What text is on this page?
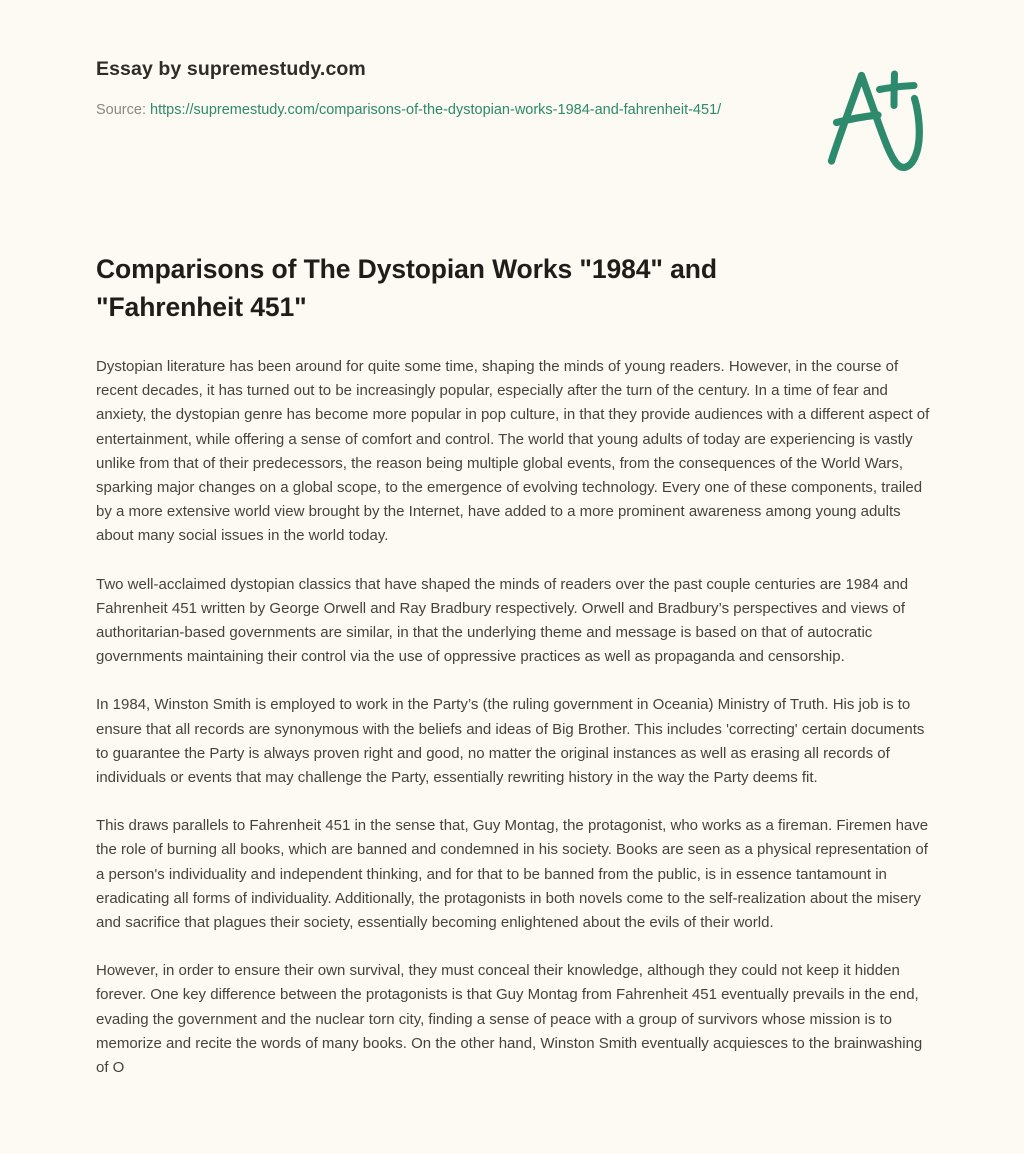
Essay by supremestudy.com

Source: https://supremestudy.com/comparisons-of-the-dystopian-works-1984-and-fahrenheit-451/

Comparisons of The Dystopian Works "1984" and "Fahrenheit 451"

Dystopian literature has been around for quite some time, shaping the minds of young readers. However, in the course of recent decades, it has turned out to be increasingly popular, especially after the turn of the century. In a time of fear and anxiety, the dystopian genre has become more popular in pop culture, in that they provide audiences with a different aspect of entertainment, while offering a sense of comfort and control. The world that young adults of today are experiencing is vastly unlike from that of their predecessors, the reason being multiple global events, from the consequences of the World Wars, sparking major changes on a global scope, to the emergence of evolving technology. Every one of these components, trailed by a more extensive world view brought by the Internet, have added to a more prominent awareness among young adults about many social issues in the world today.

Two well-acclaimed dystopian classics that have shaped the minds of readers over the past couple centuries are 1984 and Fahrenheit 451 written by George Orwell and Ray Bradbury respectively. Orwell and Bradbury’s perspectives and views of authoritarian-based governments are similar, in that the underlying theme and message is based on that of autocratic governments maintaining their control via the use of oppressive practices as well as propaganda and censorship.

In 1984, Winston Smith is employed to work in the Party’s (the ruling government in Oceania) Ministry of Truth. His job is to ensure that all records are synonymous with the beliefs and ideas of Big Brother. This includes 'correcting' certain documents to guarantee the Party is always proven right and good, no matter the original instances as well as erasing all records of individuals or events that may challenge the Party, essentially rewriting history in the way the Party deems fit.

This draws parallels to Fahrenheit 451 in the sense that, Guy Montag, the protagonist, who works as a fireman. Firemen have the role of burning all books, which are banned and condemned in his society. Books are seen as a physical representation of a person's individuality and independent thinking, and for that to be banned from the public, is in essence tantamount in eradicating all forms of individuality. Additionally, the protagonists in both novels come to the self-realization about the misery and sacrifice that plagues their society, essentially becoming enlightened about the evils of their world.

However, in order to ensure their own survival, they must conceal their knowledge, although they could not keep it hidden forever. One key difference between the protagonists is that Guy Montag from Fahrenheit 451 eventually prevails in the end, evading the government and the nuclear torn city, finding a sense of peace with a group of survivors whose mission is to memorize and recite the words of many books. On the other hand, Winston Smith eventually acquiesces to the brainwashing of O
